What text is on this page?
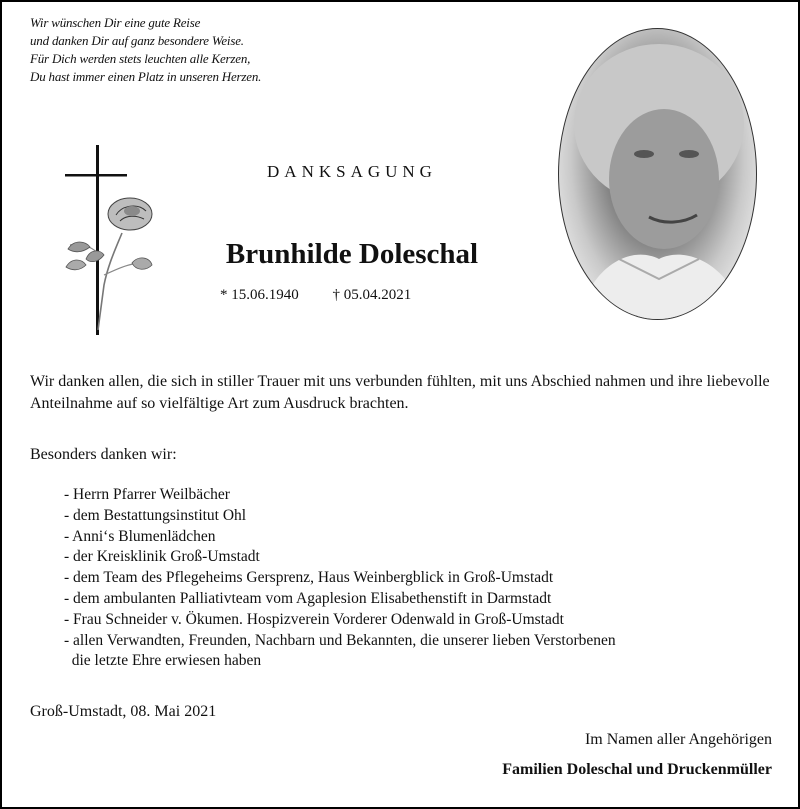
Wir wünschen Dir eine gute Reise
und danken Dir auf ganz besondere Weise.
Für Dich werden stets leuchten alle Kerzen,
Du hast immer einen Platz in unseren Herzen.
DANKSAGUNG
Brunhilde Doleschal
* 15.06.1940 † 05.04.2021
Wir danken allen, die sich in stiller Trauer mit uns verbunden fühlten, mit uns Abschied nahmen und ihre liebevolle Anteilnahme auf so vielfältige Art zum Ausdruck brachten.
Besonders danken wir:
- Herrn Pfarrer Weilbächer
- dem Bestattungsinstitut Ohl
- Anni‘s Blumenlädchen
- der Kreisklinik Groß-Umstadt
- dem Team des Pflegeheims Gersprenz, Haus Weinbergblick in Groß-Umstadt
- dem ambulanten Palliativteam vom Agaplesion Elisabethenstift in Darmstadt
- Frau Schneider v. Ökumen. Hospizverein Vorderer Odenwald in Groß-Umstadt
- allen Verwandten, Freunden, Nachbarn und Bekannten, die unserer lieben Verstorbenen
die letzte Ehre erwiesen haben
Groß-Umstadt, 08. Mai 2021
Im Namen aller Angehörigen
Familien Doleschal und Druckenmüller
